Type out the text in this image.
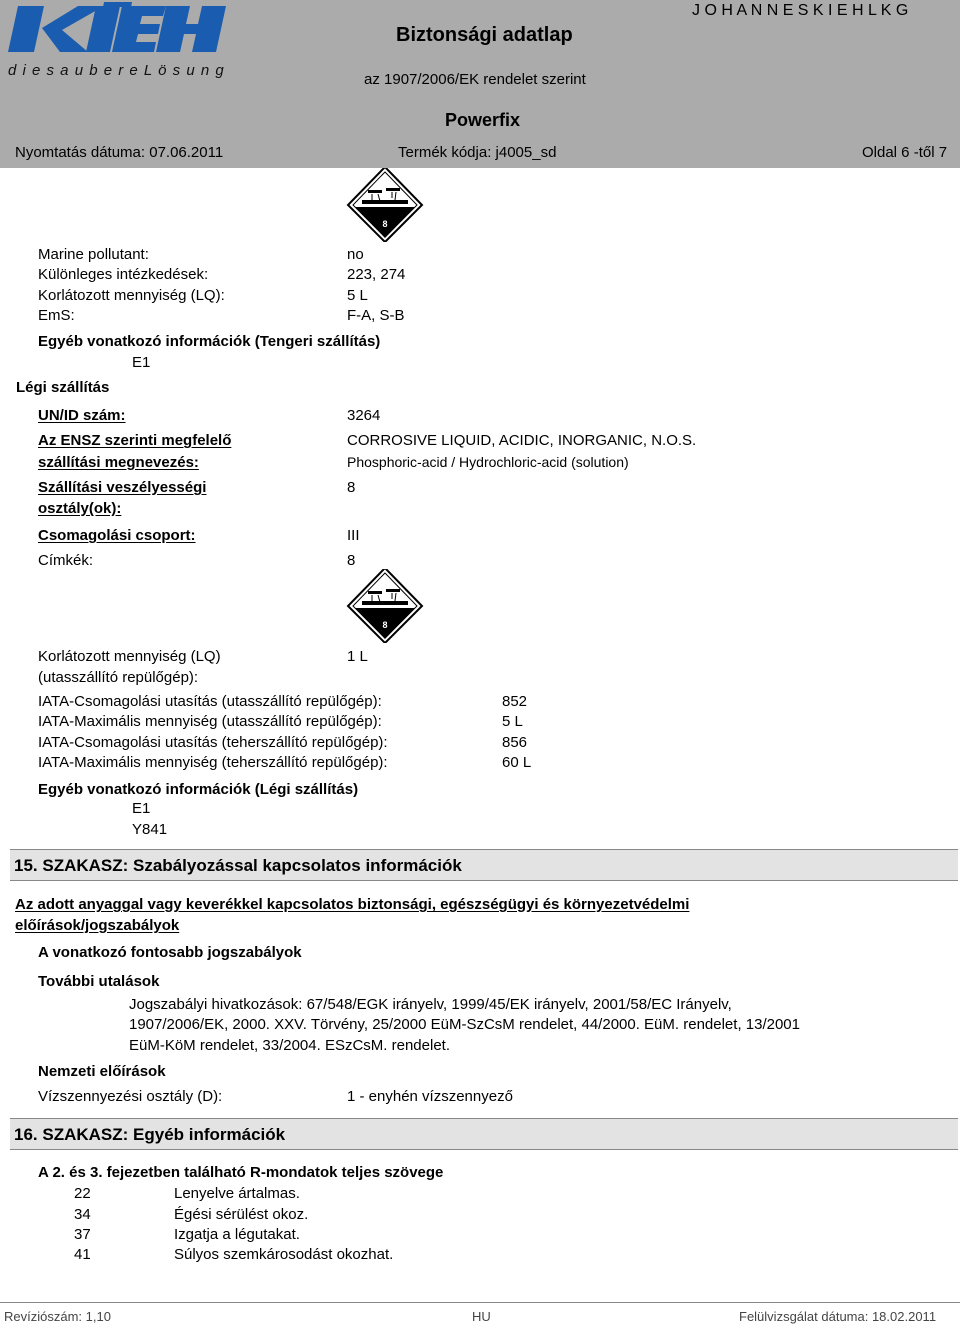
d i e s a u b e r e L ö s u n g
Biztonsági adatlap
J O H A N N E S K I E H L K G
az 1907/2006/EK rendelet szerint
Powerfix
Nyomtatás dátuma: 07.06.2011	Termék kódja: j4005_sd	Oldal 6 -től 7
8
Marine pollutant:	no
Különleges intézkedések:	223, 274
Korlátozott mennyiség (LQ):	5 L
EmS:	F-A, S-B
Egyéb vonatkozó információk (Tengeri szállítás)
E1
Légi szállítás
UN/ID szám:	3264
Az ENSZ szerinti megfelelő
szállítási megnevezés:
CORROSIVE LIQUID, ACIDIC, INORGANIC, N.O.S.
Phosphoric-acid / Hydrochloric-acid (solution)
Szállítási veszélyességi
osztály(ok):
8
Csomagolási csoport:	III
Címkék:	8
8
Korlátozott mennyiség (LQ)
(utasszállító repülőgép):
1 L
IATA-Csomagolási utasítás (utasszállító repülőgép):	852
IATA-Maximális mennyiség (utasszállító repülőgép):	5 L
IATA-Csomagolási utasítás (teherszállító repülőgép):	856
IATA-Maximális mennyiség (teherszállító repülőgép):	60 L
Egyéb vonatkozó információk (Légi szállítás)
E1
Y841
15. SZAKASZ: Szabályozással kapcsolatos információk
Az adott anyaggal vagy keverékkel kapcsolatos biztonsági, egészségügyi és környezetvédelmi
előírások/jogszabályok
A vonatkozó fontosabb jogszabályok
További utalások
Jogszabályi hivatkozások: 67/548/EGK irányelv, 1999/45/EK irányelv, 2001/58/EC Irányelv,
1907/2006/EK, 2000. XXV. Törvény, 25/2000 EüM-SzCsM rendelet, 44/2000. EüM. rendelet, 13/2001
EüM-KöM rendelet, 33/2004. ESzCsM. rendelet.
Nemzeti előírások
Vízszennyezési osztály (D):	1 - enyhén vízszennyező
16. SZAKASZ: Egyéb információk
A 2. és 3. fejezetben található R-mondatok teljes szövege
22	Lenyelve ártalmas.
34	Égési sérülést okoz.
37	Izgatja a légutakat.
41	Súlyos szemkárosodást okozhat.
Revíziószám: 1,10	HU	Felülvizsgálat dátuma: 18.02.2011
